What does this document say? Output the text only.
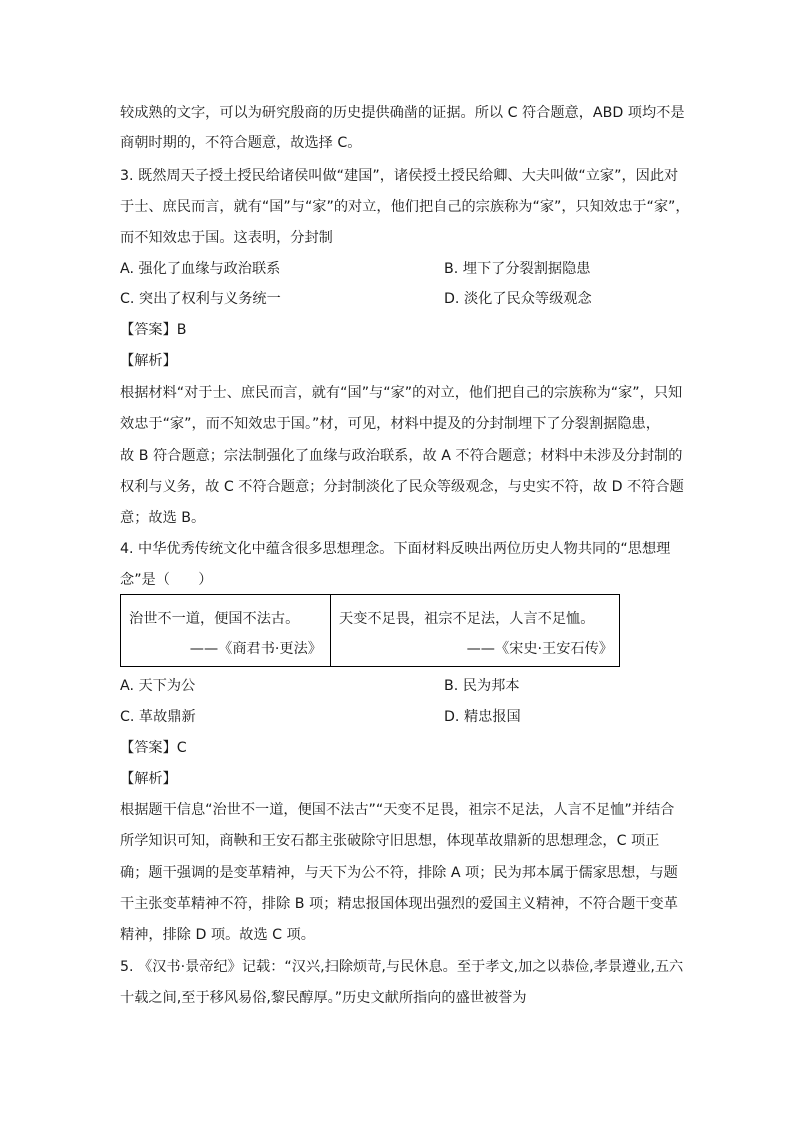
较成熟的文字，可以为研究殷商的历史提供确凿的证据。所以 C 符合题意，ABD 项均不是
商朝时期的，不符合题意，故选择 C。
3. 既然周天子授土授民给诸侯叫做“建国”，诸侯授土授民给卿、大夫叫做“立家”，因此对
于士、庶民而言，就有“国”与“家”的对立，他们把自己的宗族称为“家”，只知效忠于“家”，
而不知效忠于国。这表明，分封制
A. 强化了血缘与政治联系	B. 埋下了分裂割据隐患
C. 突出了权利与义务统一	D. 淡化了民众等级观念
【答案】B
【解析】
根据材料“对于士、庶民而言，就有“国”与“家”的对立，他们把自己的宗族称为“家”，只知
效忠于“家”，而不知效忠于国。”材，可见，材料中提及的分封制埋下了分裂割据隐患，
故 B 符合题意；宗法制强化了血缘与政治联系，故 A 不符合题意；材料中未涉及分封制的
权利与义务，故 C 不符合题意；分封制淡化了民众等级观念，与史实不符，故 D 不符合题
意；故选 B。
4. 中华优秀传统文化中蕴含很多思想理念。下面材料反映出两位历史人物共同的“思想理
念”是（　　）
治世不一道，便国不法古。
——《商君书·更法》
天变不足畏，祖宗不足法，人言不足恤。
——《宋史·王安石传》
A. 天下为公	B. 民为邦本
C. 革故鼎新	D. 精忠报国
【答案】C
【解析】
根据题干信息“治世不一道，便国不法古”“天变不足畏，祖宗不足法，人言不足恤”并结合
所学知识可知，商鞅和王安石都主张破除守旧思想，体现革故鼎新的思想理念，C 项正
确；题干强调的是变革精神，与天下为公不符，排除 A 项；民为邦本属于儒家思想，与题
干主张变革精神不符，排除 B 项；精忠报国体现出强烈的爱国主义精神，不符合题干变革
精神，排除 D 项。故选 C 项。
5. 《汉书·景帝纪》记载：“汉兴,扫除烦苛,与民休息。至于孝文,加之以恭俭,孝景遵业,五六
十载之间,至于移风易俗,黎民醇厚。”历史文献所指向的盛世被誉为
